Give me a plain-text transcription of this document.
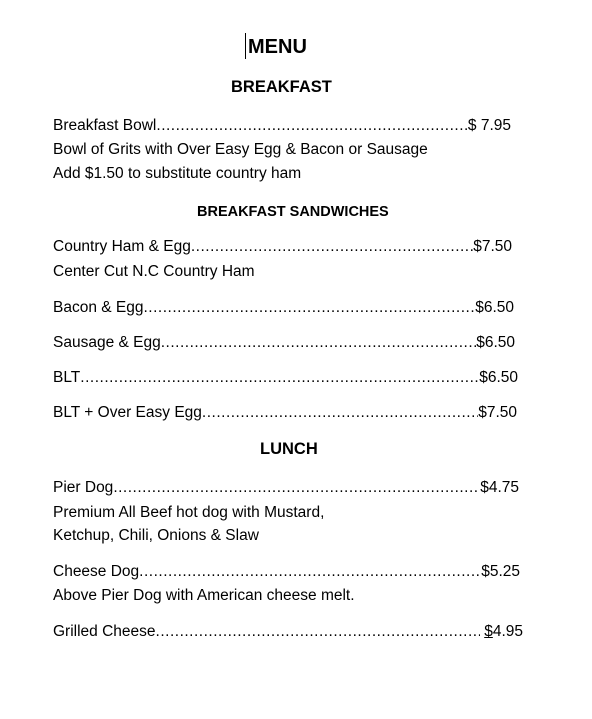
MENU
BREAKFAST
Breakfast Bowl .....	$ 7.95
Bowl of Grits with Over Easy Egg & Bacon or Sausage
Add $1.50 to substitute country ham
BREAKFAST SANDWICHES
Country Ham & Egg .....	$7.50
Center Cut N.C Country Ham
Bacon & Egg .....	$6.50
Sausage & Egg .....	$6.50
BLT .....	$6.50
BLT + Over Easy Egg .....	$7.50
LUNCH
Pier Dog .....	$4.75
Premium All Beef hot dog with Mustard,
Ketchup, Chili, Onions & Slaw
Cheese Dog .....	$5.25
Above Pier Dog with American cheese melt.
Grilled Cheese .....	$4.95
